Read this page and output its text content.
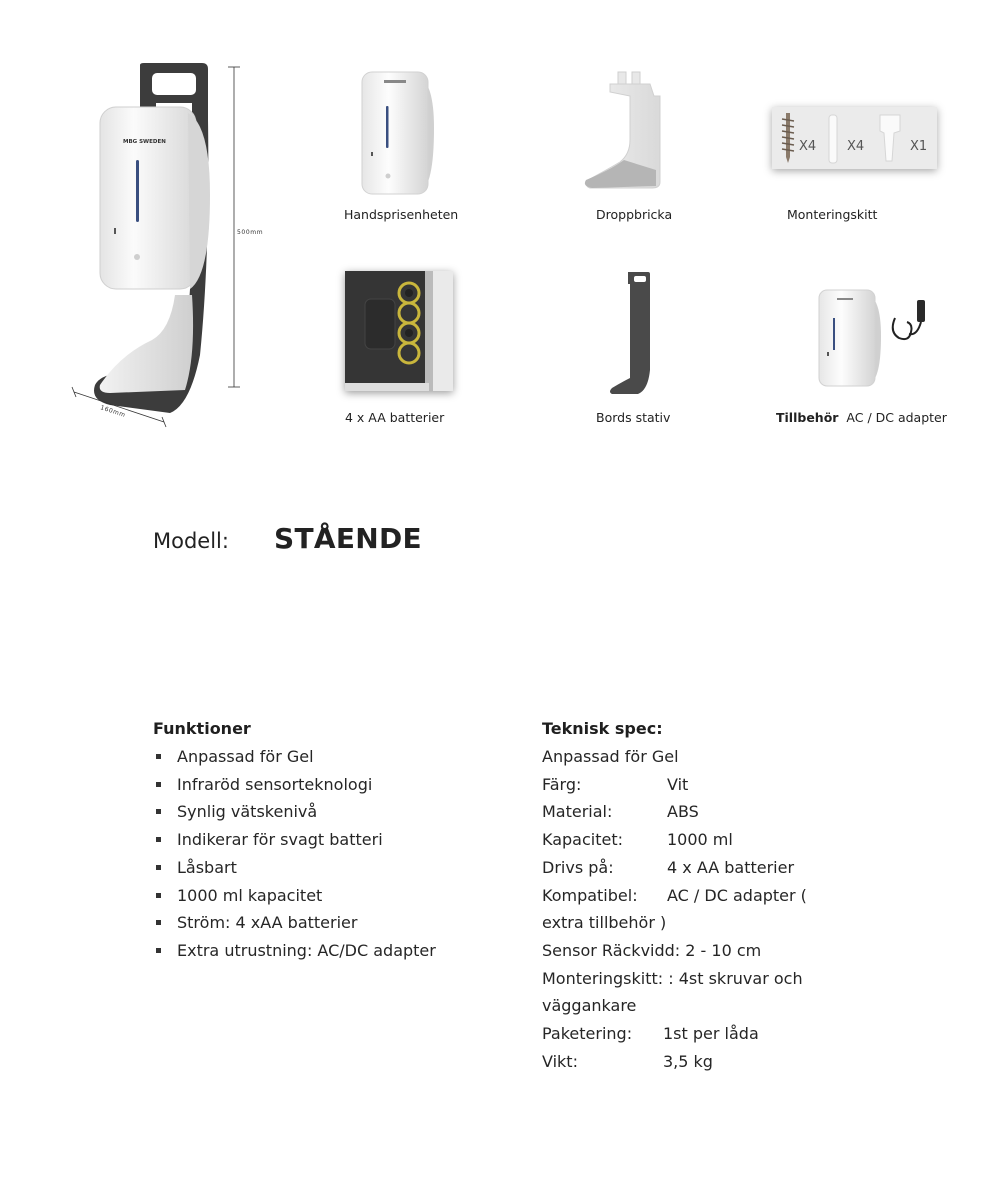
MBG SWEDEN
500mm
160mm
X4 X4	X1
Handsprisenheten	Droppbricka	Monteringskitt
4 x AA batterier	Bords stativ	Tillbehör AC / DC adapter
Modell: STÅENDE
Funktioner
Anpassad för Gel
Infraröd sensorteknologi
Synlig vätskenivå
Indikerar för svagt batteri
Låsbart
1000 ml kapacitet
Ström: 4 xAA batterier
Extra utrustning: AC/DC adapter
Teknisk spec:
Anpassad för Gel
Färg:	Vit
Material:	ABS
Kapacitet:	1000 ml
Drivs på:	4 x AA batterier
Kompatibel: AC / DC adapter ( extra tillbehör )
Sensor Räckvidd: 2 - 10 cm
Monteringskitt: : 4st skruvar och väggankare
Paketering: 1st per låda
Vikt:	3,5 kg
